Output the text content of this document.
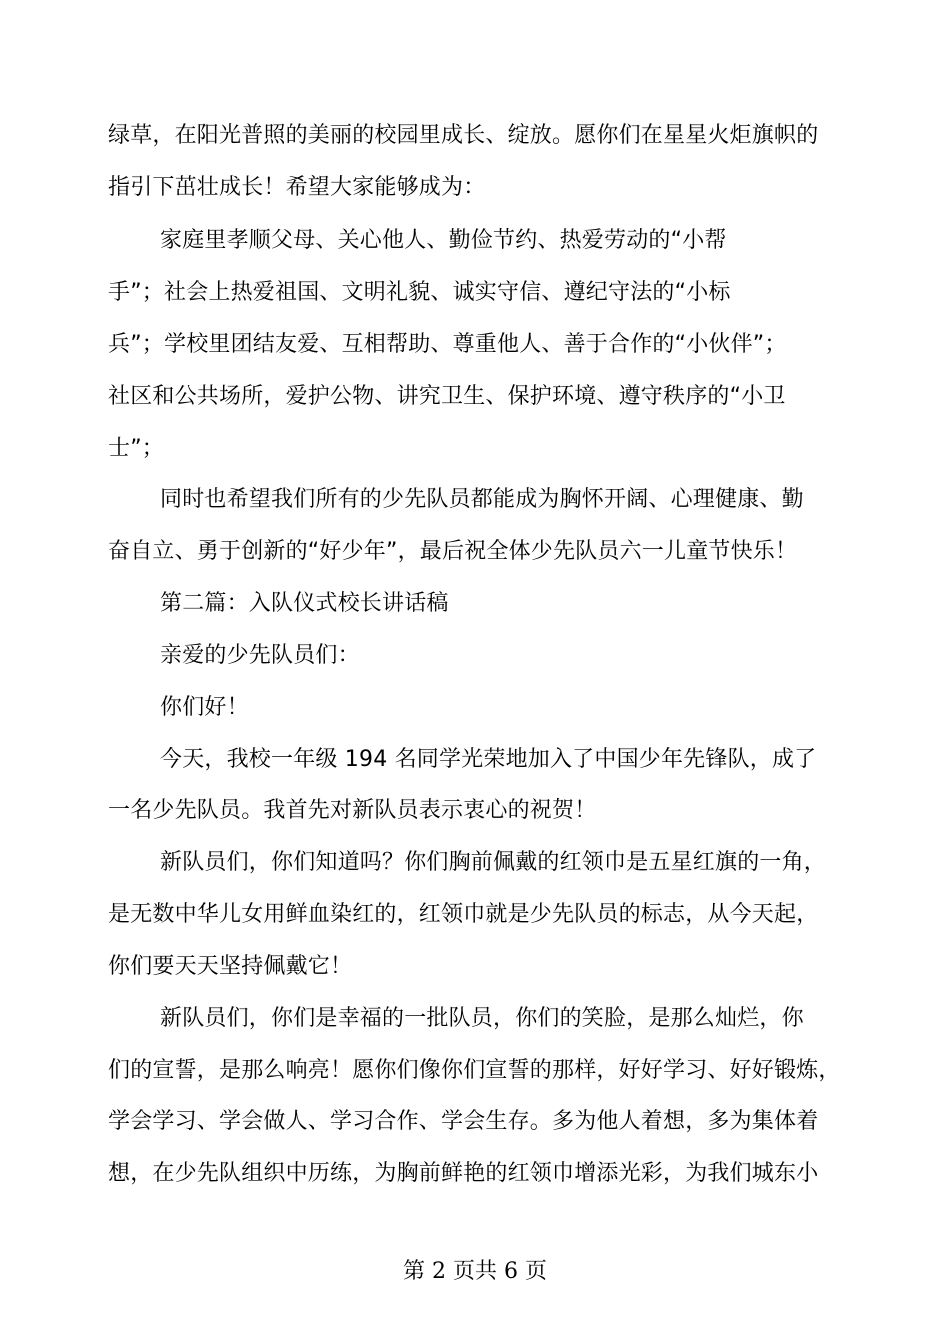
绿草，在阳光普照的美丽的校园里成长、绽放。愿你们在星星火炬旗帜的
指引下茁壮成长！希望大家能够成为：
家庭里孝顺父母、关心他人、勤俭节约、热爱劳动的“小帮
手”；社会上热爱祖国、文明礼貌、诚实守信、遵纪守法的“小标
兵”；学校里团结友爱、互相帮助、尊重他人、善于合作的“小伙伴”；
社区和公共场所，爱护公物、讲究卫生、保护环境、遵守秩序的“小卫
士”；
同时也希望我们所有的少先队员都能成为胸怀开阔、心理健康、勤
奋自立、勇于创新的“好少年”，最后祝全体少先队员六一儿童节快乐！
第二篇：入队仪式校长讲话稿
亲爱的少先队员们：
你们好！
今天，我校一年级 194 名同学光荣地加入了中国少年先锋队，成了
一名少先队员。我首先对新队员表示衷心的祝贺！
新队员们，你们知道吗？你们胸前佩戴的红领巾是五星红旗的一角，
是无数中华儿女用鲜血染红的，红领巾就是少先队员的标志，从今天起，
你们要天天坚持佩戴它！
新队员们，你们是幸福的一批队员，你们的笑脸，是那么灿烂，你
们的宣誓，是那么响亮！愿你们像你们宣誓的那样，好好学习、好好锻炼，
学会学习、学会做人、学习合作、学会生存。多为他人着想，多为集体着
想，在少先队组织中历练，为胸前鲜艳的红领巾增添光彩，为我们城东小
第 2 页共 6 页
